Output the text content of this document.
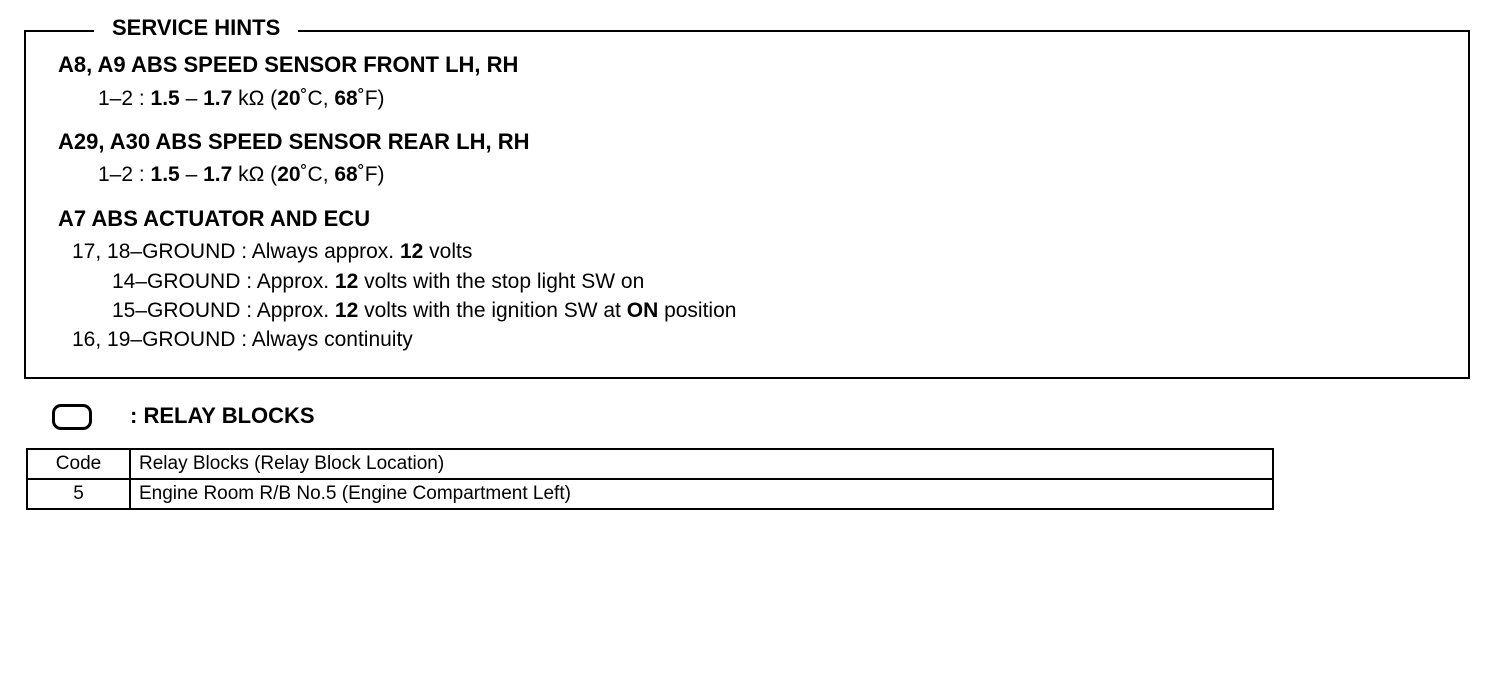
SERVICE HINTS
A8, A9 ABS SPEED SENSOR FRONT LH, RH
1–2 : 1.5 – 1.7 kΩ (20˚C, 68˚F)
A29, A30 ABS SPEED SENSOR REAR LH, RH
1–2 : 1.5 – 1.7 kΩ (20˚C, 68˚F)
A7 ABS ACTUATOR AND ECU
17, 18–GROUND : Always approx. 12 volts
14–GROUND : Approx. 12 volts with the stop light SW on
15–GROUND : Approx. 12 volts with the ignition SW at ON position
16, 19–GROUND : Always continuity
: RELAY BLOCKS
Code	Relay Blocks (Relay Block Location)
5	Engine Room R/B No.5 (Engine Compartment Left)
